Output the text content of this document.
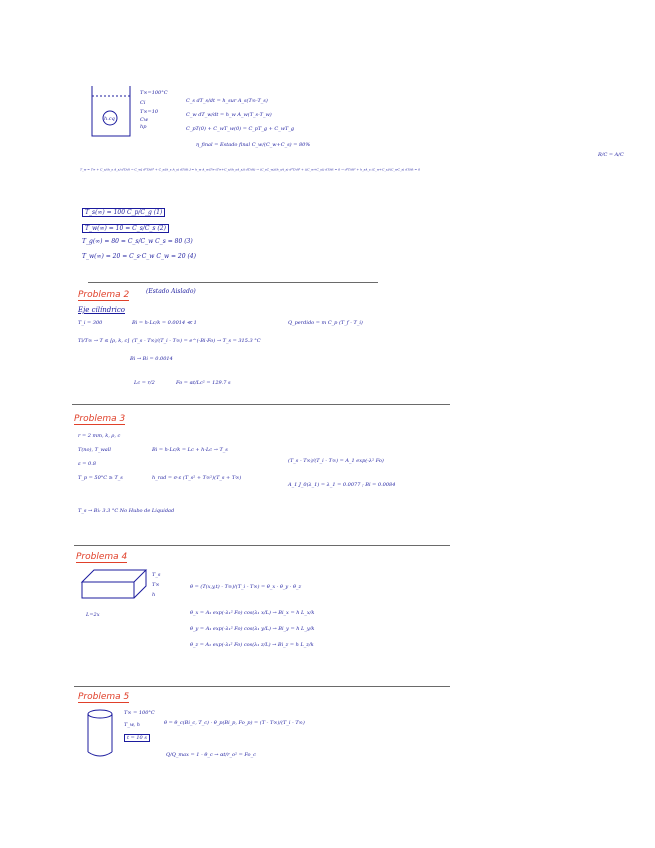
h.cq
T∞=100°C
Ci
T∞=10
Cw
hp
C_s dT_s/dt = h_sur A_s(T∞-T_s)
C_w dT_w/dt = h_w A_w(T_s-T_w)
C_pT(0) + C_wT_w(0) = C_pT_g + C_wT_g
η_final = Estado final C_w/(C_w+C_s) = 80%
R/C = A/C
T_w = T∞ + C_s/(h_s A_s) dT/dt → C_w[ d²T/dt² + C_s/(h_s A_s) dT/dt ] = h_w A_w(T∞-(T∞+C_s/(h_sA_s)) dT/dt) → (C_sC_w)/(h_sA_s) d²T/dt² + ((C_w+C_s)) dT/dt = 0 → d²T/dt² + h_sA_s (C_w+C_s)/(C_wC_s) dT/dt = 0
T_s(∞) = 100 C_p/C_g (1)
T_w(∞) = 10 = C_s/C_s (2)
T_g(∞) = 80 = C_s/C_w C_s = 80 (3)
T_w(∞) = 20 = C_s·C_w C_w = 20 (4)
Problema 2	(Estado Aislado)
Eje cilíndrico
T_i = 300	Bi = h·Lc/k = 0.0014 ≪ 1
Ti/T∞ → T ≤ [ρ, k, c] (T_s - T∞)/(T_i - T∞) = e^(-Bi·Fo) → T_s = 315.3 °C
Q_perdido = m C_p (T_f - T_i)
Bi → Bi = 0.0014
Lc = r/2	Fo = αt/Lc² = 129.7 s
Problema 3
r = 2 mm, k, ρ, c
T(no), T_wall	Bi = h·Lc/k = Lc + h·Lc → T_s
ε = 0.8
T_p = 50°C ≥ T_s	h_rad = σ·ε (T_s² + T∞²)(T_s + T∞)
(T_s - T∞)/(T_i - T∞) = A_1 exp(-λ² Fo)
A_1 J_0(λ_1) = λ_1 = 0.0077 ; Bi = 0.0084
T_s → Bi: 3.3 °C No Hubo de Liquidad
Problema 4
T_s
T∞
h
L=2x
θ = (T(x,y,t) - T∞)/(T_i - T∞) = θ_x · θ_y · θ_z
θ_x = A₁ exp(-λ₁² Fo) cos(λ₁ x/L) → Bi_x = h L_x/k
θ_y = A₁ exp(-λ₁² Fo) cos(λ₁ y/L) → Bi_y = h L_y/k
θ_z = A₁ exp(-λ₁² Fo) cos(λ₁ z/L) → Bi_z = h L_z/k
Problema 5
T∞ = 100°C
T_w, h
t = 10 s
θ = θ_c(Bi_c, T_c) · θ_p(Bi_p, Fo_p) = (T - T∞)/(T_i - T∞)
Q/Q_max = 1 - θ_c → αt/r_o² = Fo_c
